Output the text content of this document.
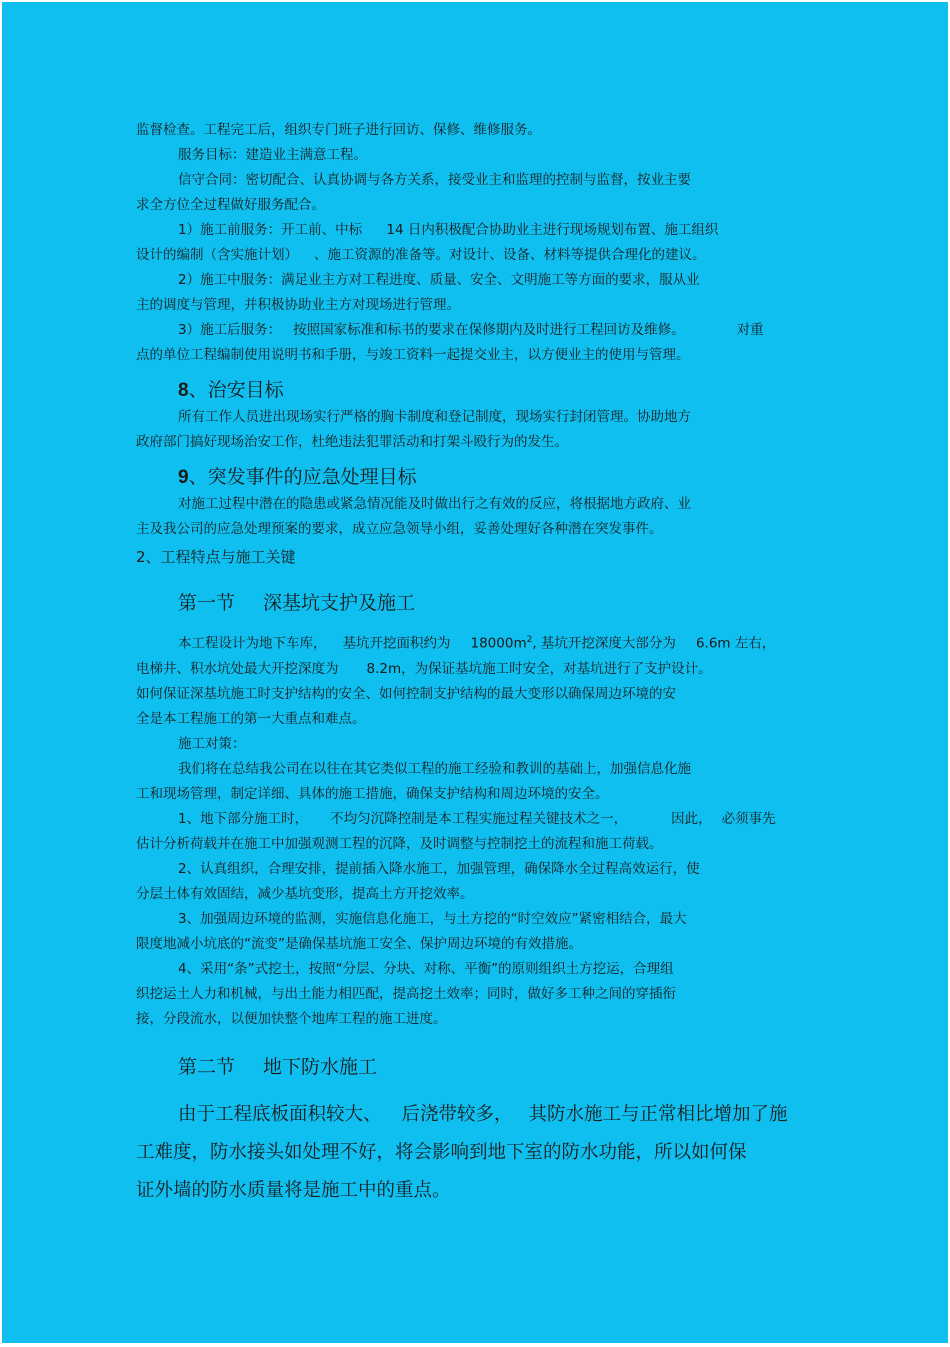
监督检查。工程完工后，组织专门班子进行回访、保修、维修服务。

服务目标：建造业主满意工程。

信守合同：密切配合、认真协调与各方关系，接受业主和监理的控制与监督，按业主要

求全方位全过程做好服务配合。

1）施工前服务：开工前、中标 14 日内积极配合协助业主进行现场规划布置、施工组织

设计的编制（含实施计划） 、施工资源的准备等。对设计、设备、材料等提供合理化的建议。

2）施工中服务：满足业主方对工程进度、质量、安全、文明施工等方面的要求，服从业

主的调度与管理，并积极协助业主方对现场进行管理。

3）施工后服务： 按照国家标准和标书的要求在保修期内及时进行工程回访及维修。	对重

点的单位工程编制使用说明书和手册，与竣工资料一起提交业主，以方便业主的使用与管理。

8、治安目标

所有工作人员进出现场实行严格的胸卡制度和登记制度，现场实行封闭管理。协助地方

政府部门搞好现场治安工作，杜绝违法犯罪活动和打架斗殴行为的发生。

9、突发事件的应急处理目标

对施工过程中潜在的隐患或紧急情况能及时做出行之有效的反应，将根据地方政府、业

主及我公司的应急处理预案的要求，成立应急领导小组，妥善处理好各种潜在突发事件。

2、工程特点与施工关键
第一节 深基坑支护及施工

本工程设计为地下车库， 基坑开挖面积约为 $18000m^2$, 基坑开挖深度大部分为 6.6m 左右，

电梯井、积水坑处最大开挖深度为 8.2m，为保证基坑施工时安全，对基坑进行了支护设计。

如何保证深基坑施工时支护结构的安全、如何控制支护结构的最大变形以确保周边环境的安

全是本工程施工的第一大重点和难点。

施工对策：

我们将在总结我公司在以往在其它类似工程的施工经验和教训的基础上，加强信息化施

工和现场管理，制定详细、具体的施工措施，确保支护结构和周边环境的安全。

1、地下部分施工时， 不均匀沉降控制是本工程实施过程关键技术之一，	因此， 必须事先

估计分析荷载并在施工中加强观测工程的沉降，及时调整与控制挖土的流程和施工荷载。

2、认真组织，合理安排，提前插入降水施工，加强管理，确保降水全过程高效运行，使

分层土体有效固结，减少基坑变形，提高土方开挖效率。

3、加强周边环境的监测，实施信息化施工，与土方挖的“时空效应”紧密相结合，最大

限度地减小坑底的“流变”是确保基坑施工安全、保护周边环境的有效措施。

4、采用“条”式挖土，按照“分层、分块、对称、平衡”的原则组织土方挖运，合理组

织挖运土人力和机械，与出土能力相匹配，提高挖土效率；同时，做好多工种之间的穿插衔

接，分段流水，以便加快整个地库工程的施工进度。

第二节 地下防水施工

由于工程底板面积较大、 后浇带较多， 其防水施工与正常相比增加了施

工难度，防水接头如处理不好，将会影响到地下室的防水功能，所以如何保

证外墙的防水质量将是施工中的重点。
